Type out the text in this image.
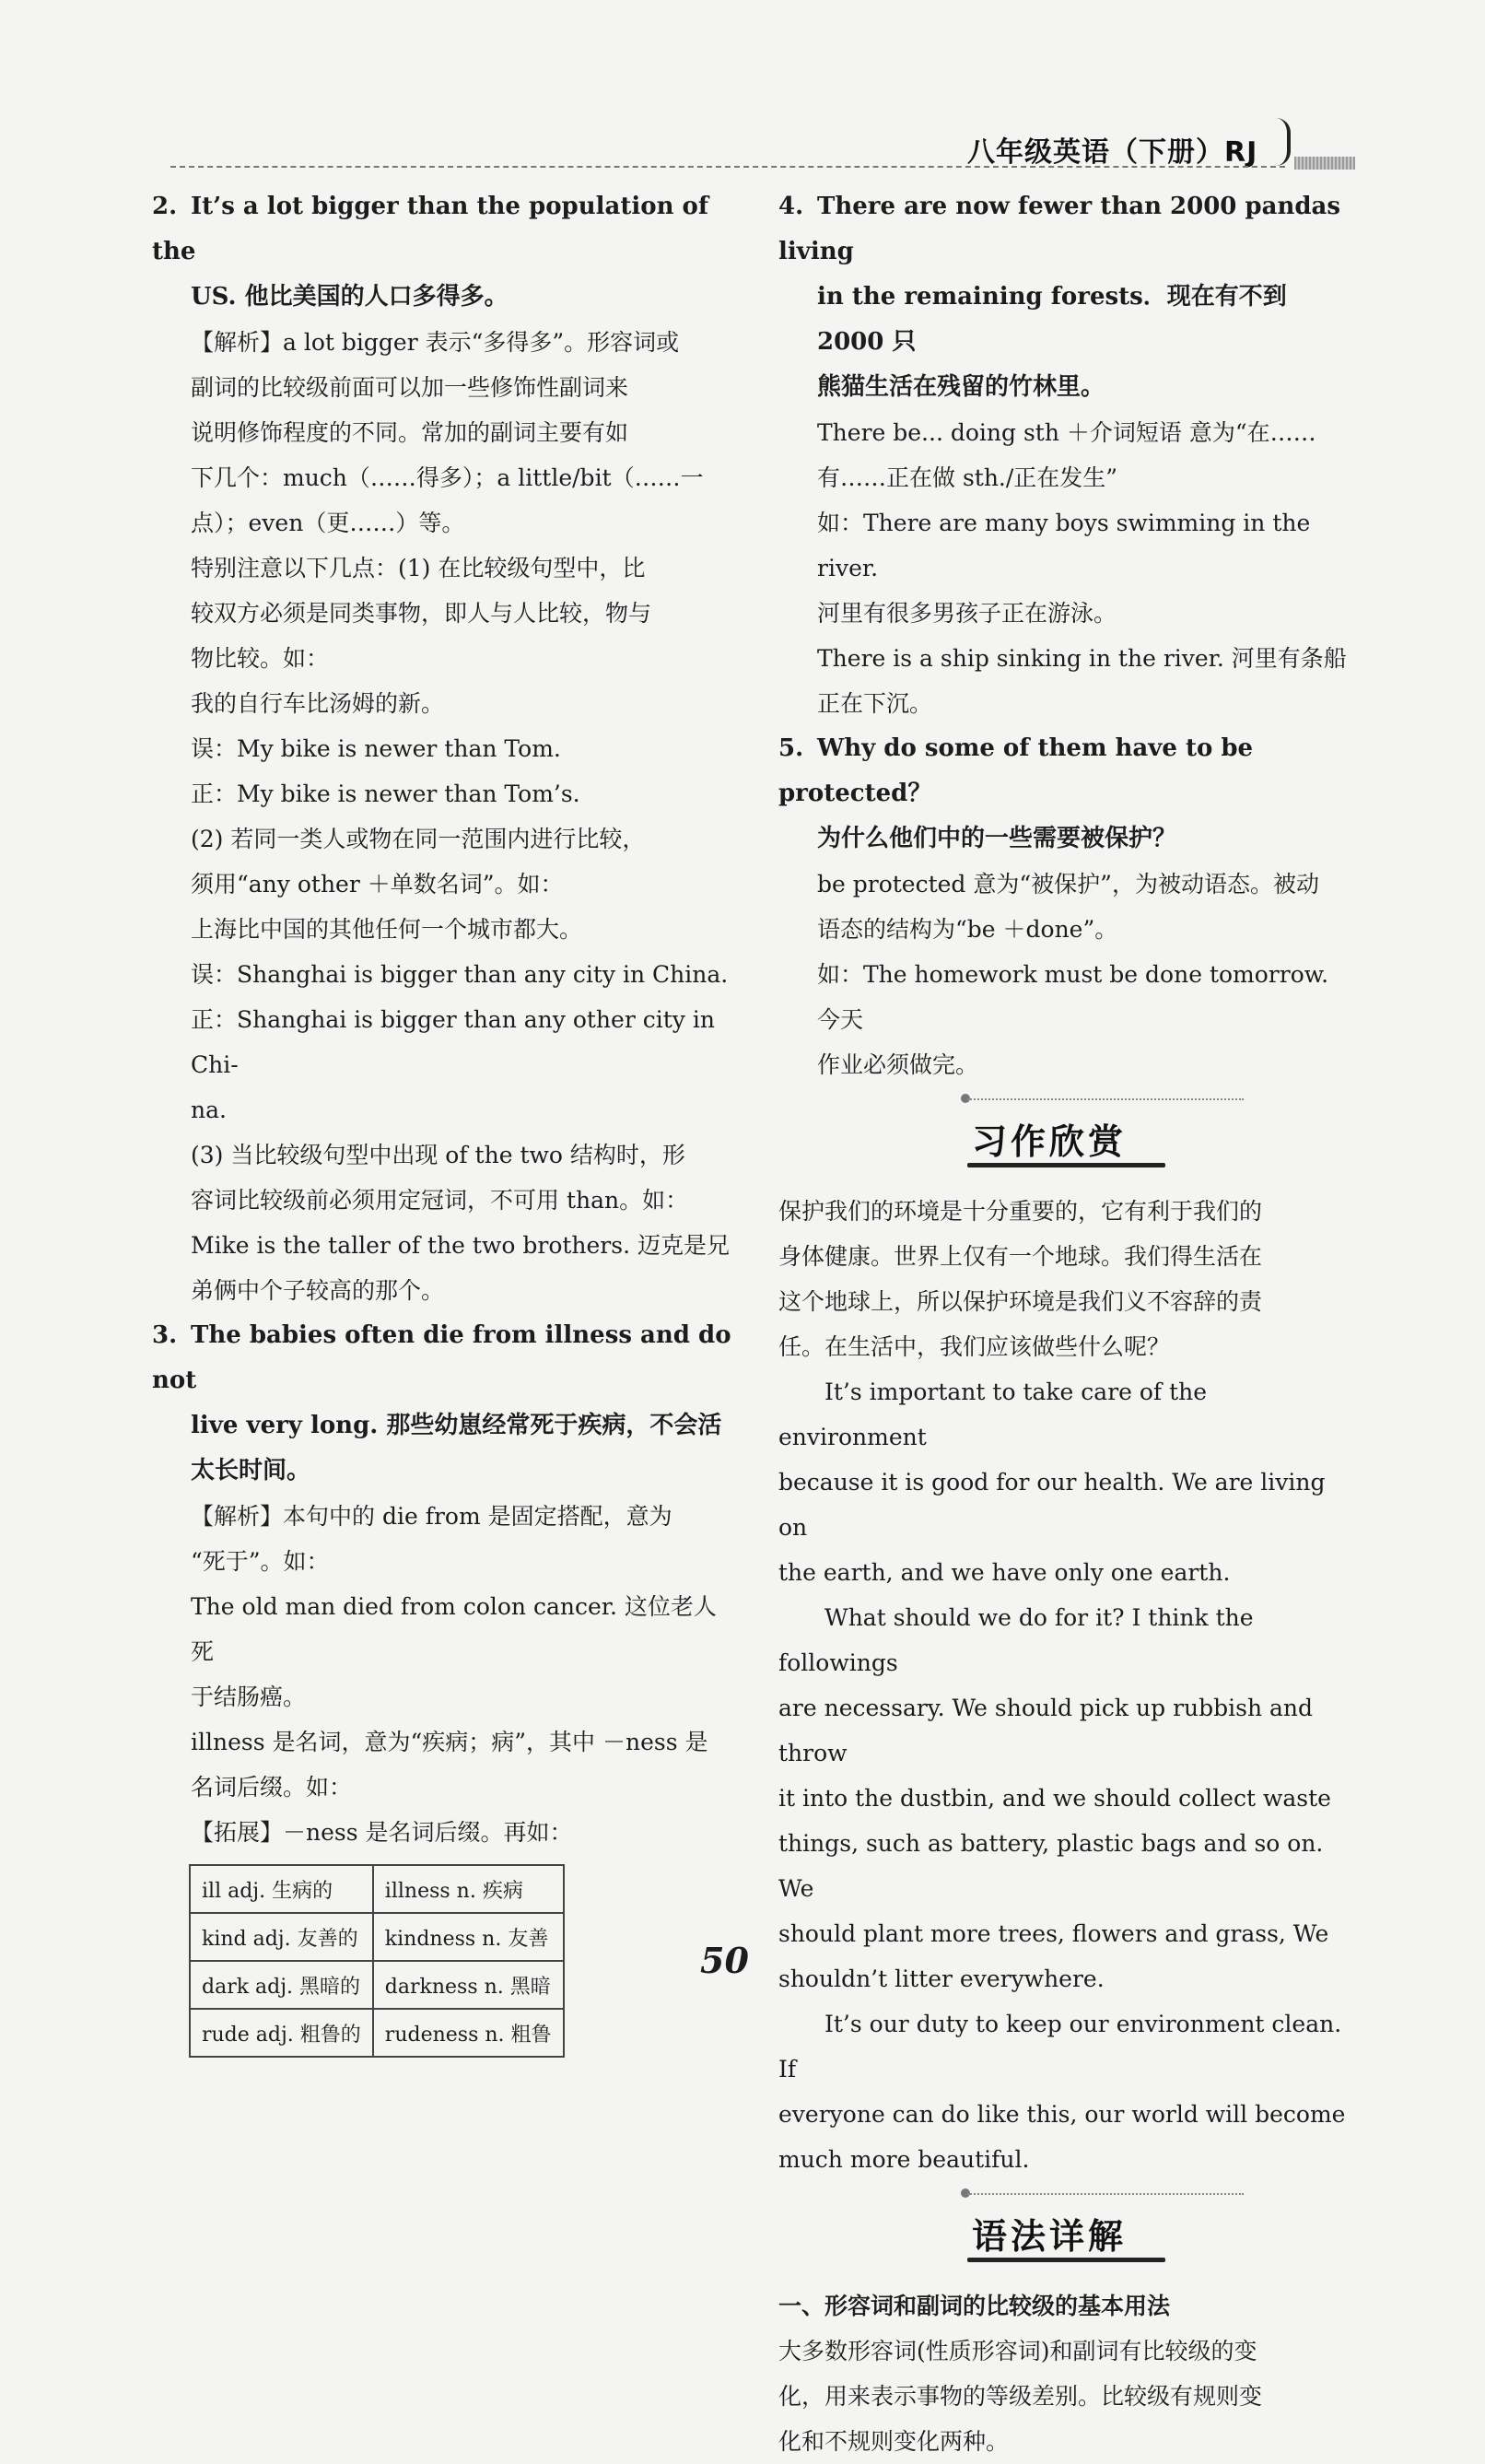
八年级英语（下册）RJ

2. It’s a lot bigger than the population of the

US. 他比美国的人口多得多。

【解析】a lot bigger 表示“多得多”。形容词或

副词的比较级前面可以加一些修饰性副词来

说明修饰程度的不同。常加的副词主要有如

下几个：much（……得多）；a little/bit（……一

点）；even（更……）等。

特别注意以下几点：(1) 在比较级句型中，比

较双方必须是同类事物，即人与人比较，物与

物比较。如：

我的自行车比汤姆的新。

误：My bike is newer than Tom.

正：My bike is newer than Tom’s.

(2) 若同一类人或物在同一范围内进行比较，

须用“any other ＋单数名词”。如：

上海比中国的其他任何一个城市都大。

误：Shanghai is bigger than any city in China.

正：Shanghai is bigger than any other city in Chi-

na.

(3) 当比较级句型中出现 of the two 结构时，形

容词比较级前必须用定冠词，不可用 than。如：

Mike is the taller of the two brothers. 迈克是兄

弟俩中个子较高的那个。

3. The babies often die from illness and do not

live very long. 那些幼崽经常死于疾病，不会活

太长时间。

【解析】本句中的 die from 是固定搭配，意为

“死于”。如：

The old man died from colon cancer. 这位老人死

于结肠癌。

illness 是名词，意为“疾病；病”，其中 －ness 是

名词后缀。如：

【拓展】－ness 是名词后缀。再如：

ill adj. 生病的	illness n. 疾病
kind adj. 友善的	kindness n. 友善
dark adj. 黑暗的	darkness n. 黑暗
rude adj. 粗鲁的	rudeness n. 粗鲁

4. There are now fewer than 2000 pandas living

in the remaining forests．现在有不到 2000 只

熊猫生活在残留的竹林里。

There be... doing sth ＋介词短语 意为“在……

有……正在做 sth./正在发生”

如：There are many boys swimming in the river.

河里有很多男孩子正在游泳。

There is a ship sinking in the river. 河里有条船

正在下沉。

5. Why do some of them have to be protected？

为什么他们中的一些需要被保护？

be protected 意为“被保护”，为被动语态。被动

语态的结构为“be ＋done”。

如：The homework must be done tomorrow. 今天

作业必须做完。

习作欣赏

保护我们的环境是十分重要的，它有利于我们的

身体健康。世界上仅有一个地球。我们得生活在

这个地球上，所以保护环境是我们义不容辞的责

任。在生活中，我们应该做些什么呢？

It’s important to take care of the environment

because it is good for our health. We are living on

the earth, and we have only one earth.

What should we do for it? I think the followings

are necessary. We should pick up rubbish and throw

it into the dustbin, and we should collect waste

things, such as battery, plastic bags and so on. We

should plant more trees, flowers and grass, We

shouldn’t litter everywhere.

It’s our duty to keep our environment clean. If

everyone can do like this, our world will become

much more beautiful.

语法详解

一、形容词和副词的比较级的基本用法

大多数形容词(性质形容词)和副词有比较级的变

化，用来表示事物的等级差别。比较级有规则变

化和不规则变化两种。

50
